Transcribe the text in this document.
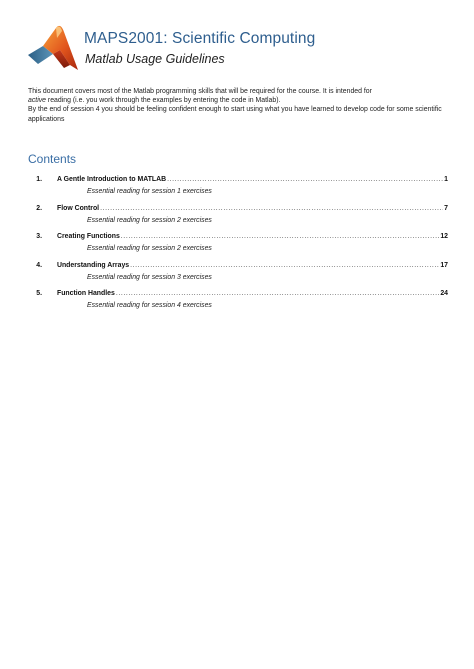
MAPS2001: Scientific Computing
Matlab Usage Guidelines

This document covers most of the Matlab programming skills that will be required for the course. It is intended for

active reading (i.e. you work through the examples by entering the code in Matlab).

By the end of session 4 you should be feeling confident enough to start using what you have learned to develop code for some scientific applications

Contents
1. A Gentle Introduction to MATLAB .....	1
Essential reading for session 1 exercises
2. Flow Control .....	7
Essential reading for session 2 exercises
3. Creating Functions .....	12
Essential reading for session 2 exercises
4. Understanding Arrays .....	17
Essential reading for session 3 exercises
5. Function Handles .....	24
Essential reading for session 4 exercises
